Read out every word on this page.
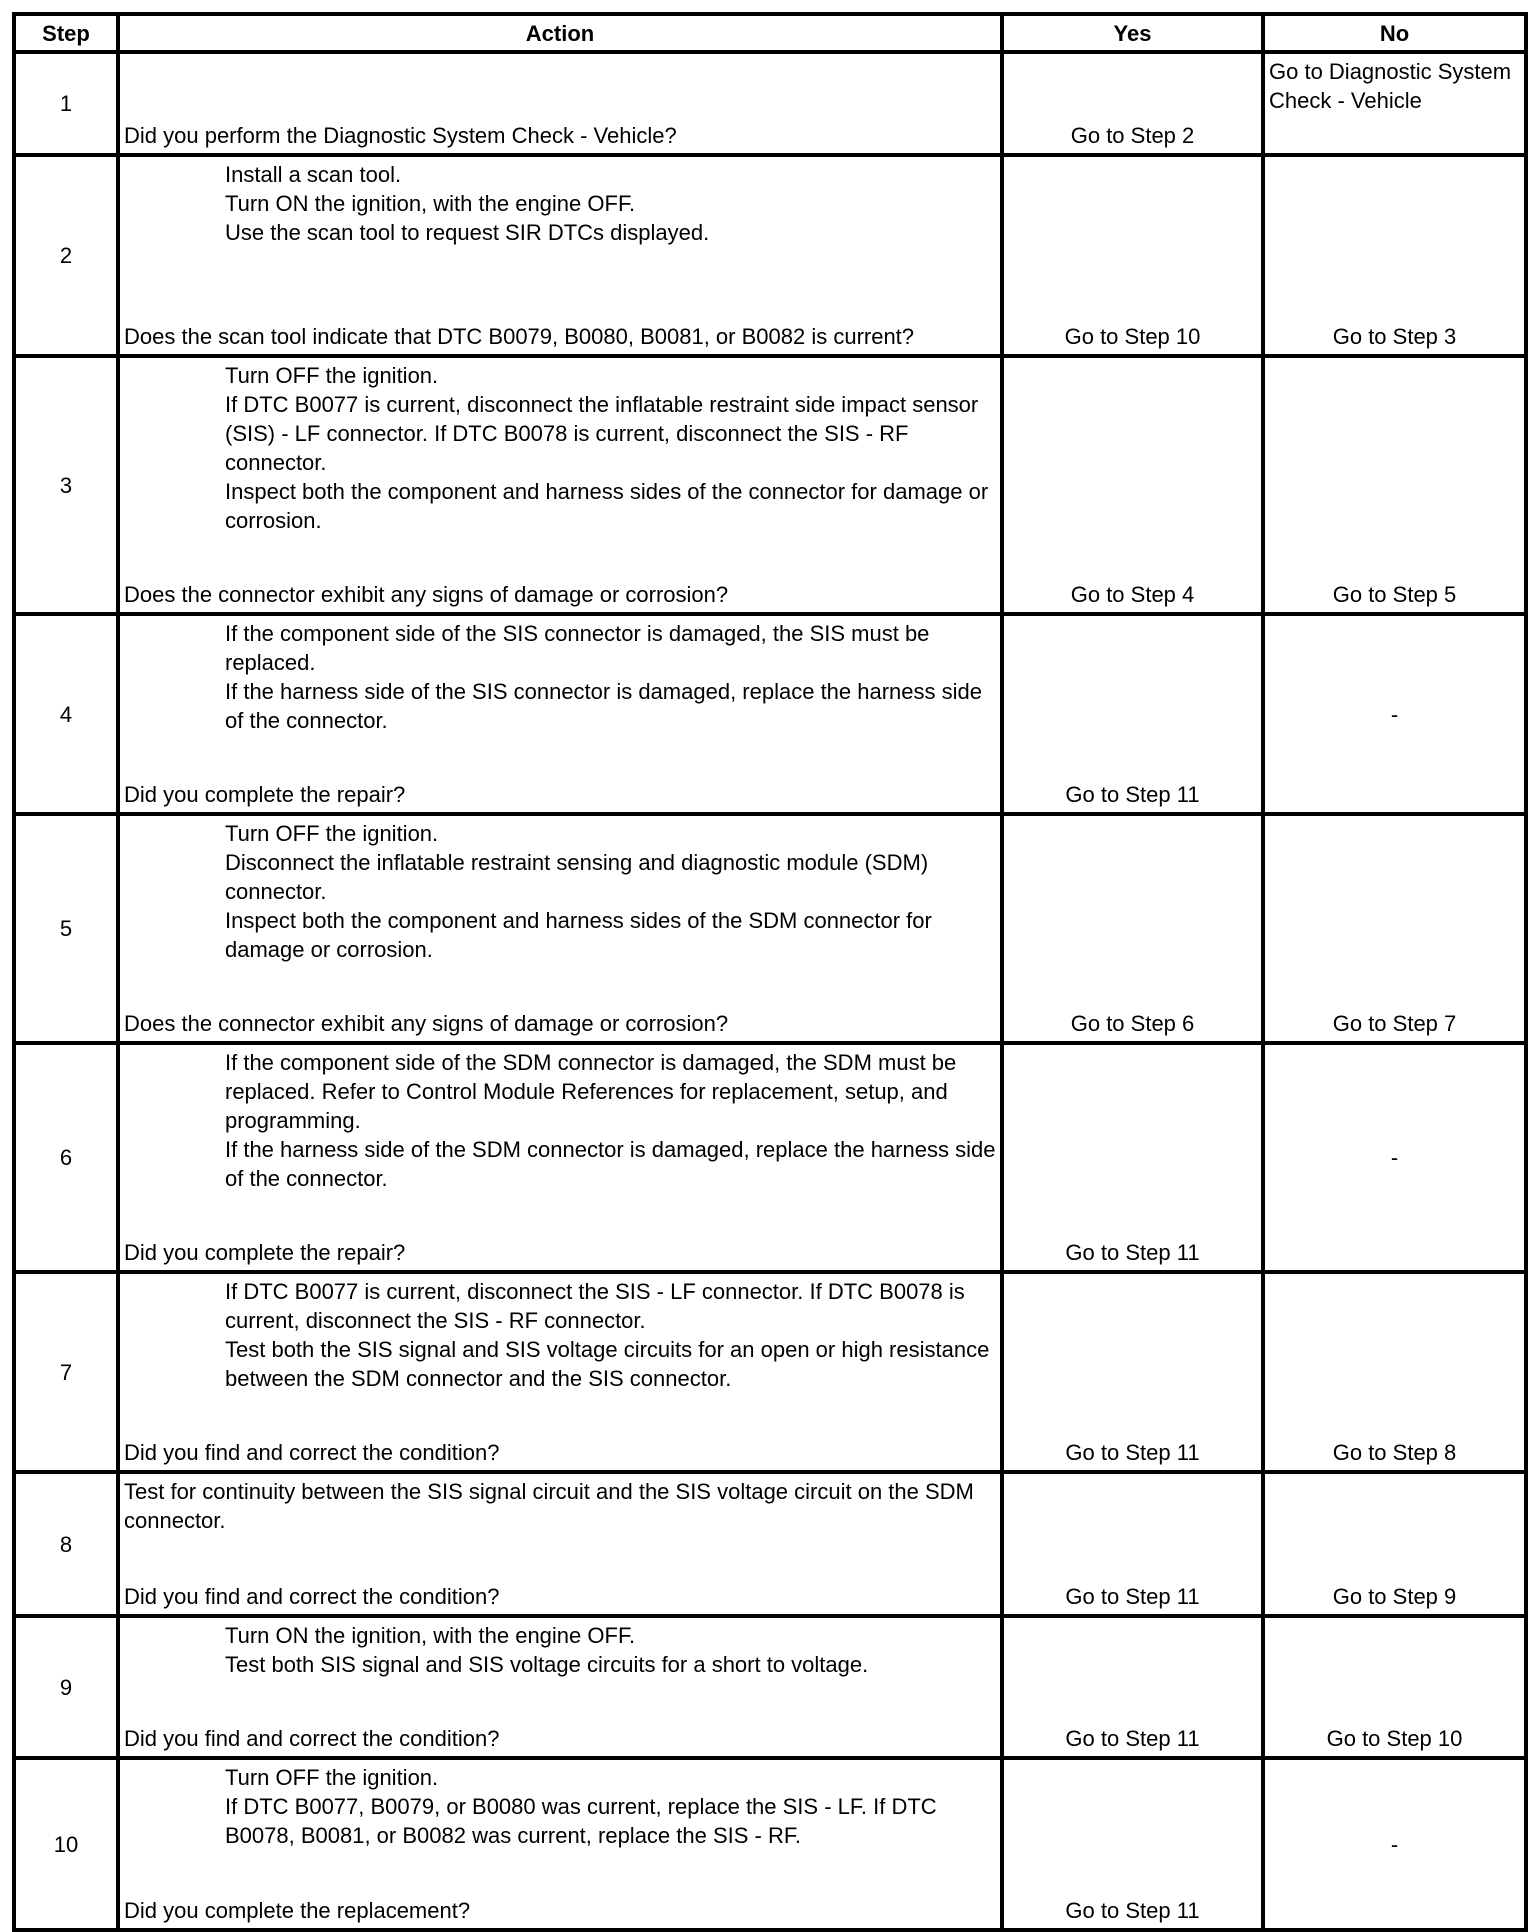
Step	Action	Yes	No
1	Did you perform the Diagnostic System Check - Vehicle?	Go to Step 2	Go to Diagnostic System Check - Vehicle
2	Install a scan tool.
Turn ON the ignition, with the engine OFF.
Use the scan tool to request SIR DTCs displayed.
Does the scan tool indicate that DTC B0079, B0080, B0081, or B0082 is current?	Go to Step 10	Go to Step 3
3	Turn OFF the ignition.
If DTC B0077 is current, disconnect the inflatable restraint side impact sensor (SIS) - LF connector. If DTC B0078 is current, disconnect the SIS - RF connector.
Inspect both the component and harness sides of the connector for damage or corrosion.
Does the connector exhibit any signs of damage or corrosion?	Go to Step 4	Go to Step 5
4	If the component side of the SIS connector is damaged, the SIS must be replaced.
If the harness side of the SIS connector is damaged, replace the harness side of the connector.
Did you complete the repair?	Go to Step 11	-
5	Turn OFF the ignition.
Disconnect the inflatable restraint sensing and diagnostic module (SDM) connector.
Inspect both the component and harness sides of the SDM connector for damage or corrosion.
Does the connector exhibit any signs of damage or corrosion?	Go to Step 6	Go to Step 7
6	If the component side of the SDM connector is damaged, the SDM must be replaced. Refer to Control Module References for replacement, setup, and programming.
If the harness side of the SDM connector is damaged, replace the harness side of the connector.
Did you complete the repair?	Go to Step 11	-
7	If DTC B0077 is current, disconnect the SIS - LF connector. If DTC B0078 is current, disconnect the SIS - RF connector.
Test both the SIS signal and SIS voltage circuits for an open or high resistance between the SDM connector and the SIS connector.
Did you find and correct the condition?	Go to Step 11	Go to Step 8
8	Test for continuity between the SIS signal circuit and the SIS voltage circuit on the SDM connector.
Did you find and correct the condition?	Go to Step 11	Go to Step 9
9	Turn ON the ignition, with the engine OFF.
Test both SIS signal and SIS voltage circuits for a short to voltage.
Did you find and correct the condition?	Go to Step 11	Go to Step 10
10	Turn OFF the ignition.
If DTC B0077, B0079, or B0080 was current, replace the SIS - LF. If DTC B0078, B0081, or B0082 was current, replace the SIS - RF.
Did you complete the replacement?	Go to Step 11	-
